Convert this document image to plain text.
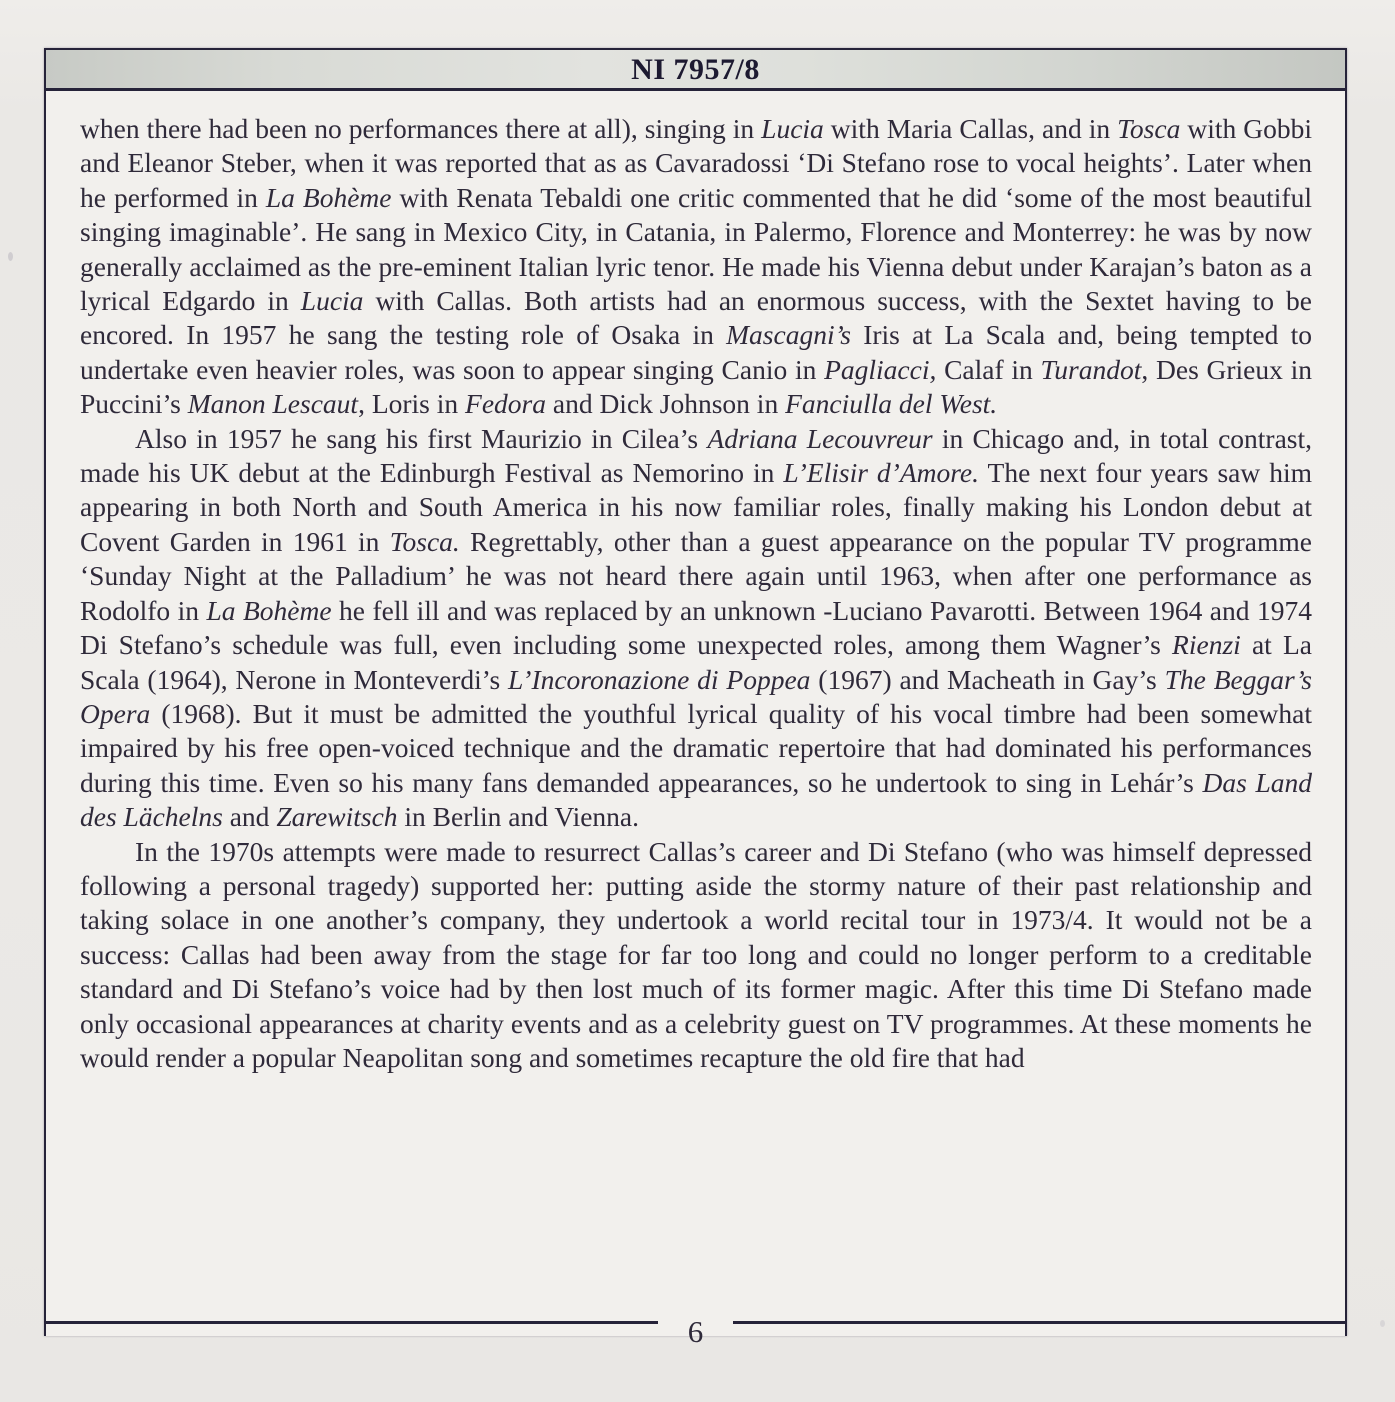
NI 7957/8

when there had been no performances there at all), singing in Lucia with Maria Callas, and in Tosca with Gobbi and Eleanor Steber, when it was reported that as as Cavaradossi ‘Di Stefano rose to vocal heights’. Later when he performed in La Bohème with Renata Tebaldi one critic commented that he did ‘some of the most beautiful singing imaginable’. He sang in Mexico City, in Catania, in Palermo, Florence and Monterrey: he was by now generally acclaimed as the pre-eminent Italian lyric tenor. He made his Vienna debut under Karajan’s baton as a lyrical Edgardo in Lucia with Callas. Both artists had an enormous success, with the Sextet having to be encored. In 1957 he sang the testing role of Osaka in Mascagni’s Iris at La Scala and, being tempted to undertake even heavier roles, was soon to appear singing Canio in Pagliacci, Calaf in Turandot, Des Grieux in Puccini’s Manon Lescaut, Loris in Fedora and Dick Johnson in Fanciulla del West.

Also in 1957 he sang his first Maurizio in Cilea’s Adriana Lecouvreur in Chicago and, in total contrast, made his UK debut at the Edinburgh Festival as Nemorino in L’Elisir d’Amore. The next four years saw him appearing in both North and South America in his now familiar roles, finally making his London debut at Covent Garden in 1961 in Tosca. Regrettably, other than a guest appearance on the popular TV programme ‘Sunday Night at the Palladium’ he was not heard there again until 1963, when after one performance as Rodolfo in La Bohème he fell ill and was replaced by an unknown -Luciano Pavarotti. Between 1964 and 1974 Di Stefano’s schedule was full, even including some unexpected roles, among them Wagner’s Rienzi at La Scala (1964), Nerone in Monteverdi’s L’Incoronazione di Poppea (1967) and Macheath in Gay’s The Beggar’s Opera (1968). But it must be admitted the youthful lyrical quality of his vocal timbre had been somewhat impaired by his free open-voiced technique and the dramatic repertoire that had dominated his performances during this time. Even so his many fans demanded appearances, so he undertook to sing in Lehár’s Das Land des Lächelns and Zarewitsch in Berlin and Vienna.

In the 1970s attempts were made to resurrect Callas’s career and Di Stefano (who was himself depressed following a personal tragedy) supported her: putting aside the stormy nature of their past relationship and taking solace in one another’s company, they undertook a world recital tour in 1973/4. It would not be a success: Callas had been away from the stage for far too long and could no longer perform to a creditable standard and Di Stefano’s voice had by then lost much of its former magic. After this time Di Stefano made only occasional appearances at charity events and as a celebrity guest on TV programmes. At these moments he would render a popular Neapolitan song and sometimes recapture the old fire that had

6
